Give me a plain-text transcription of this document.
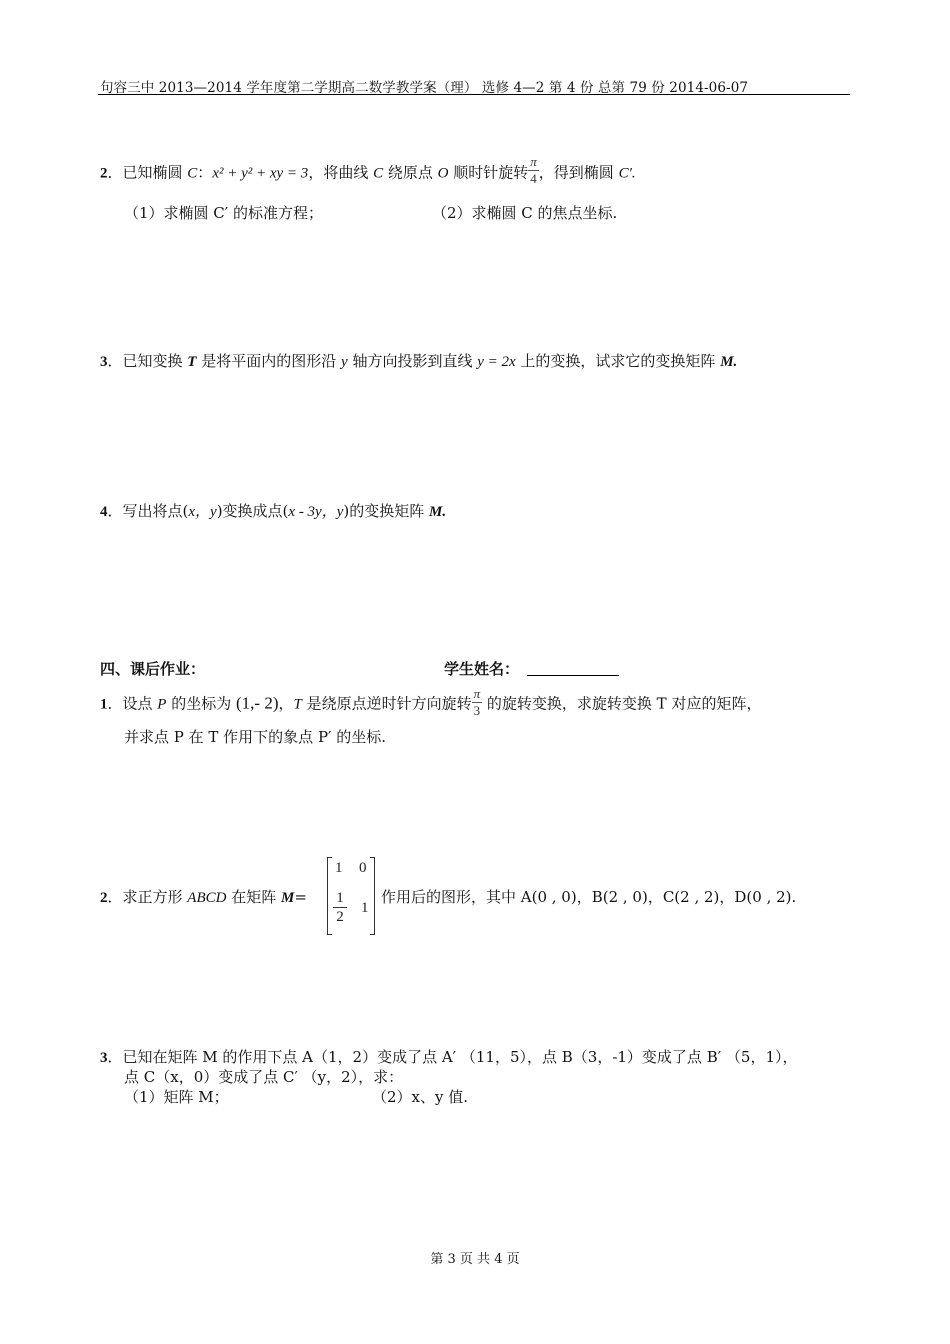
句容三中 2013—2014 学年度第二学期高二数学教学案（理） 选修 4—2 第 4 份 总第 79 份 2014-06-07
2．已知椭圆 C：x² + y² + xy = 3，将曲线 C 绕原点 O 顺时针旋转 $\frac{\pi}{4}$ ，得到椭圆 C′.
（1）求椭圆 C′ 的标准方程；	（2）求椭圆 C 的焦点坐标.
3．已知变换 T 是将平面内的图形沿 y 轴方向投影到直线 y = 2x 上的变换，试求它的变换矩阵 M.
4．写出将点(x，y)变换成点(x - 3y，y)的变换矩阵 M.
四、课后作业：	学生姓名：
1．设点 P 的坐标为 (1,- 2)，T 是绕原点逆时针方向旋转 $\frac{\pi}{3}$ 的旋转变换，求旋转变换 T 对应的矩阵，
并求点 P 在 T 作用下的象点 P′ 的坐标.
2．求正方形 ABCD 在矩阵 M=
1 0
$\frac{1}{2} 1$
作用后的图形，其中 A(0 , 0)，B(2 , 0)，C(2 , 2)，D(0 , 2).
3．已知在矩阵 M 的作用下点 A（1，2）变成了点 A′ （11，5），点 B（3，-1）变成了点 B′ （5，1），
点 C（x，0）变成了点 C′ （y，2），求：
（1）矩阵 M；	（2）x、y 值.
第 3 页 共 4 页
